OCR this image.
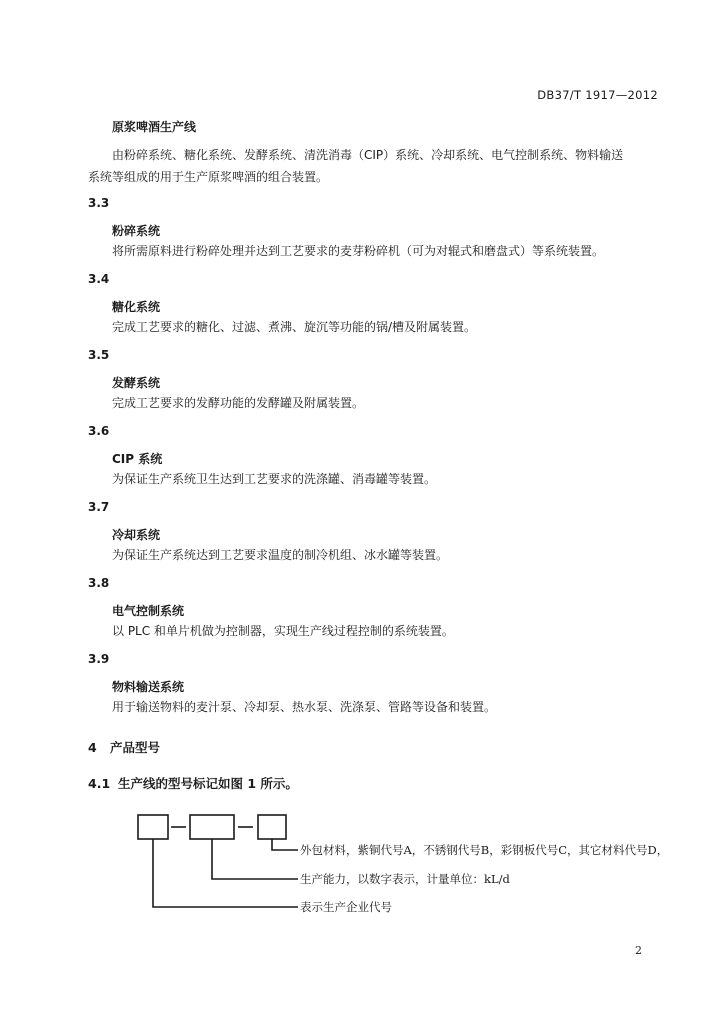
DB37/T 1917—2012
原浆啤酒生产线
由粉碎系统、糖化系统、发酵系统、清洗消毒（CIP）系统、冷却系统、电气控制系统、物料输送
系统等组成的用于生产原浆啤酒的组合装置。
3.3
粉碎系统
将所需原料进行粉碎处理并达到工艺要求的麦芽粉碎机（可为对辊式和磨盘式）等系统装置。
3.4
糖化系统
完成工艺要求的糖化、过滤、煮沸、旋沉等功能的锅/槽及附属装置。
3.5
发酵系统
完成工艺要求的发酵功能的发酵罐及附属装置。
3.6
CIP 系统
为保证生产系统卫生达到工艺要求的洗涤罐、消毒罐等装置。
3.7
冷却系统
为保证生产系统达到工艺要求温度的制冷机组、冰水罐等装置。
3.8
电气控制系统
以 PLC 和单片机做为控制器，实现生产线过程控制的系统装置。
3.9
物料输送系统
用于输送物料的麦汁泵、冷却泵、热水泵、洗涤泵、管路等设备和装置。
4 产品型号
4.1 生产线的型号标记如图 1 所示。
外包材料，紫铜代号A，不锈钢代号B，彩钢板代号C，其它材料代号D，
生产能力，以数字表示，计量单位：kL/d
表示生产企业代号
2
